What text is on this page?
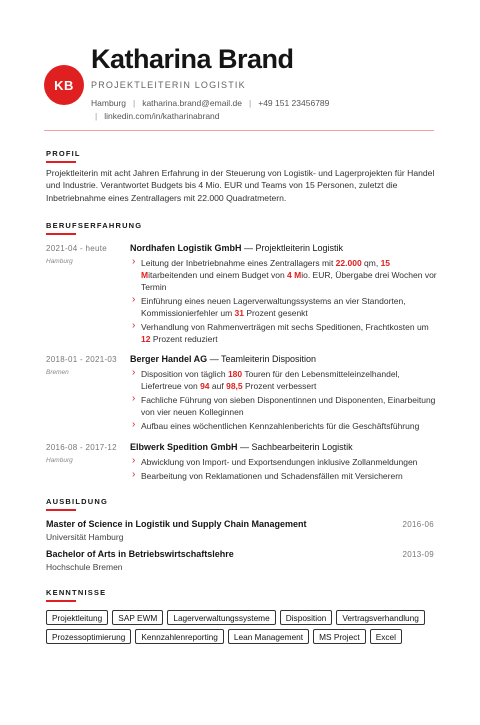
KB
Katharina Brand
PROJEKTLEITERIN LOGISTIK
Hamburg | katharina.brand@email.de | +49 151 23456789
| linkedin.com/in/katharinabrand
PROFIL
Projektleiterin mit acht Jahren Erfahrung in der Steuerung von Logistik- und Lagerprojekten für Handel und Industrie. Verantwortet Budgets bis 4 Mio. EUR und Teams von 15 Personen, zuletzt die Inbetriebnahme eines Zentrallagers mit 22.000 Quadratmetern.
BERUFSERFAHRUNG
2021-04 - heute
Hamburg
Nordhafen Logistik GmbH — Projektleiterin Logistik
› Leitung der Inbetriebnahme eines Zentrallagers mit 22.000 qm, 15 Mitarbeitenden und einem Budget von 4 Mio. EUR, Übergabe drei Wochen vor Termin
› Einführung eines neuen Lagerverwaltungssystems an vier Standorten, Kommissionierfehler um 31 Prozent gesenkt
› Verhandlung von Rahmenverträgen mit sechs Speditionen, Frachtkosten um 12 Prozent reduziert
2018-01 - 2021-03
Bremen
Berger Handel AG — Teamleiterin Disposition
› Disposition von täglich 180 Touren für den Lebensmitteleinzelhandel, Liefertreue von 94 auf 98,5 Prozent verbessert
› Fachliche Führung von sieben Disponentinnen und Disponenten, Einarbeitung von vier neuen Kolleginnen
› Aufbau eines wöchentlichen Kennzahlenberichts für die Geschäftsführung
2016-08 - 2017-12
Hamburg
Elbwerk Spedition GmbH — Sachbearbeiterin Logistik
› Abwicklung von Import- und Exportsendungen inklusive Zollanmeldungen
› Bearbeitung von Reklamationen und Schadensfällen mit Versicherern
AUSBILDUNG
Master of Science in Logistik und Supply Chain Management
Universität Hamburg
2016-06
Bachelor of Arts in Betriebswirtschaftslehre
Hochschule Bremen
2013-09
KENNTNISSE
Projektleitung	SAP EWM	Lagerverwaltungssysteme	Disposition	Vertragsverhandlung
Prozessoptimierung	Kennzahlenreporting	Lean Management	MS Project	Excel
